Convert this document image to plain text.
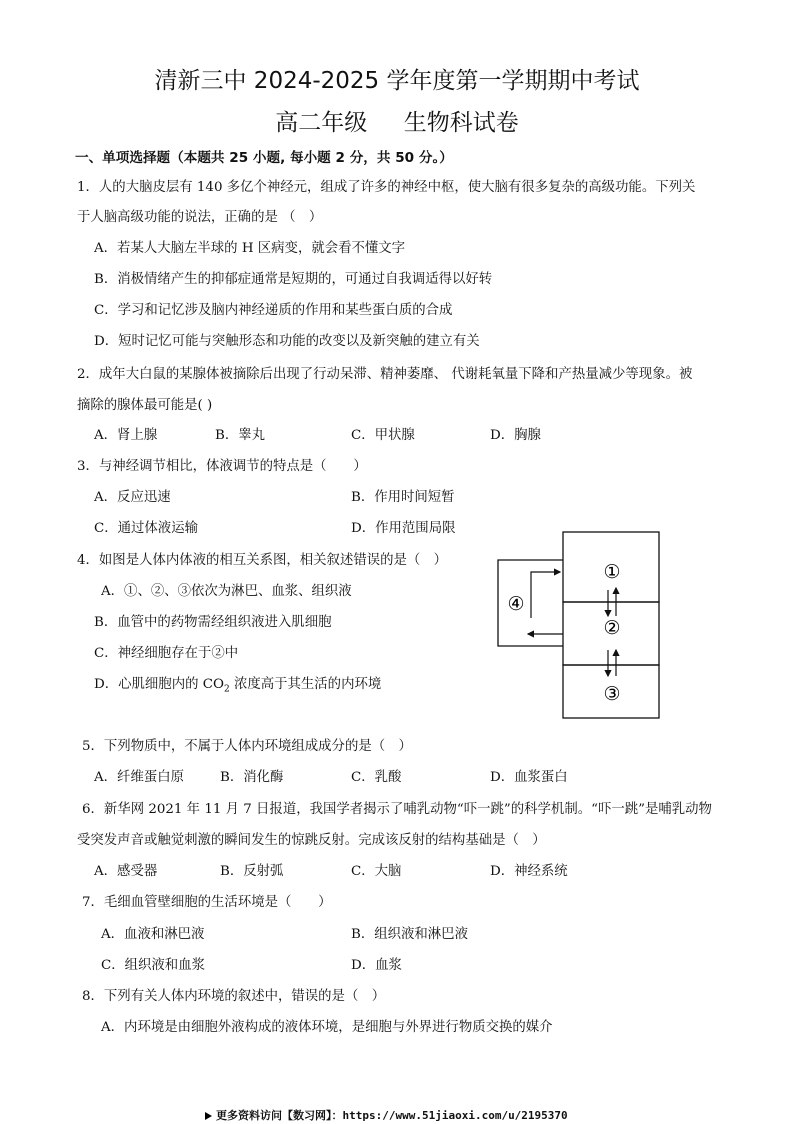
清新三中 2024-2025 学年度第一学期期中考试
高二年级     生物科试卷
一、单项选择题（本题共 25 小题, 每小题 2 分，共 50 分。）
1．人的大脑皮层有 140 多亿个神经元，组成了许多的神经中枢，使大脑有很多复杂的高级功能。下列关
于人脑高级功能的说法，正确的是 （　）
A．若某人大脑左半球的 H 区病变，就会看不懂文字
B．消极情绪产生的抑郁症通常是短期的，可通过自我调适得以好转
C．学习和记忆涉及脑内神经递质的作用和某些蛋白质的合成
D．短时记忆可能与突触形态和功能的改变以及新突触的建立有关
2．成年大白鼠的某腺体被摘除后出现了行动呆滞、精神萎靡、 代谢耗氧量下降和产热量减少等现象。被
摘除的腺体最可能是( )
A．肾上腺	B．睾丸	C．甲状腺	D．胸腺
3．与神经调节相比，体液调节的特点是（　　）
A．反应迅速	B．作用时间短暂
C．通过体液运输	D．作用范围局限
4．如图是人体内体液的相互关系图，相关叙述错误的是（　）
A．①、②、③依次为淋巴、血浆、组织液
B．血管中的药物需经组织液进入肌细胞
C．神经细胞存在于②中
D．心肌细胞内的 $CO_2$ 浓度高于其生活的内环境
①
②
③
④
5．下列物质中，不属于人体内环境组成成分的是（　）
A．纤维蛋白原	B．消化酶	C．乳酸	D．血浆蛋白
6．新华网 2021 年 11 月 7 日报道，我国学者揭示了哺乳动物“吓一跳”的科学机制。“吓一跳”是哺乳动物
受突发声音或触觉刺激的瞬间发生的惊跳反射。完成该反射的结构基础是（　）
A．感受器	B．反射弧	C．大脑	D．神经系统
7．毛细血管壁细胞的生活环境是（　　）
A．血液和淋巴液	B．组织液和淋巴液
C．组织液和血浆	D．血浆
8．下列有关人体内环境的叙述中，错误的是（　）
A．内环境是由细胞外液构成的液体环境，是细胞与外界进行物质交换的媒介
更多资料访问【数习网】：https://www.51jiaoxi.com/u/2195370
